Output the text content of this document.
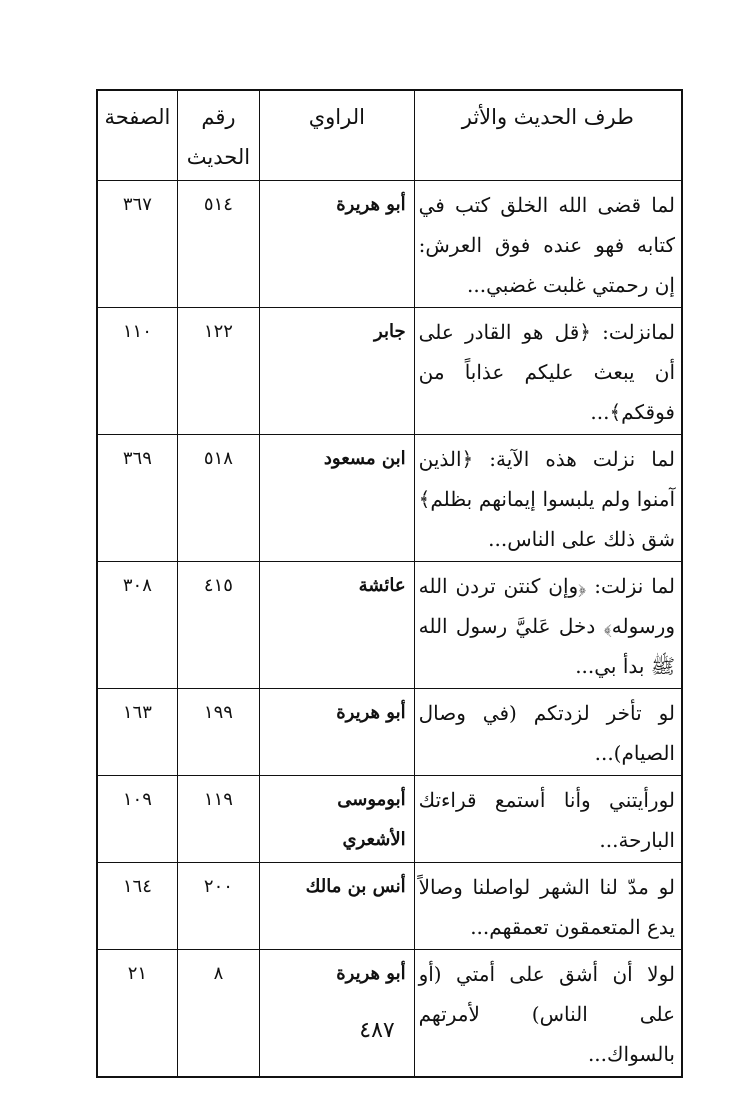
طرف الحديث والأثر	الراوي	رقم الحديث	الصفحة
لما قضى الله الخلق كتب في كتابه فهو عنده فوق العرش: إن رحمتي غلبت غضبي...	أبو هريرة	٥١٤	٣٦٧
لمانزلت: ﴿قل هو القادر على أن يبعث عليكم عذاباً من فوقكم﴾...	جابر	١٢٢	١١٠
لما نزلت هذه الآية: ﴿الذين آمنوا ولم يلبسوا إيمانهم بظلم﴾ شق ذلك على الناس...	ابن مسعود	٥١٨	٣٦٩
لما نزلت: ﴿وإن كنتن تردن الله ورسوله﴾ دخل عَليَّ رسول الله ﷺ بدأ بي...	عائشة	٤١٥	٣٠٨
لو تأخر لزدتكم (في وصال الصيام)...	أبو هريرة	١٩٩	١٦٣
لورأيتني وأنا أستمع قراءتك البارحة...	أبوموسى الأشعري	١١٩	١٠٩
لو مدّ لنا الشهر لواصلنا وصالاً يدع المتعمقون تعمقهم...	أنس بن مالك	٢٠٠	١٦٤
لولا أن أشق على أمتي (أو على الناس) لأمرتهم بالسواك...	أبو هريرة	٨	٢١
٤٨٧
